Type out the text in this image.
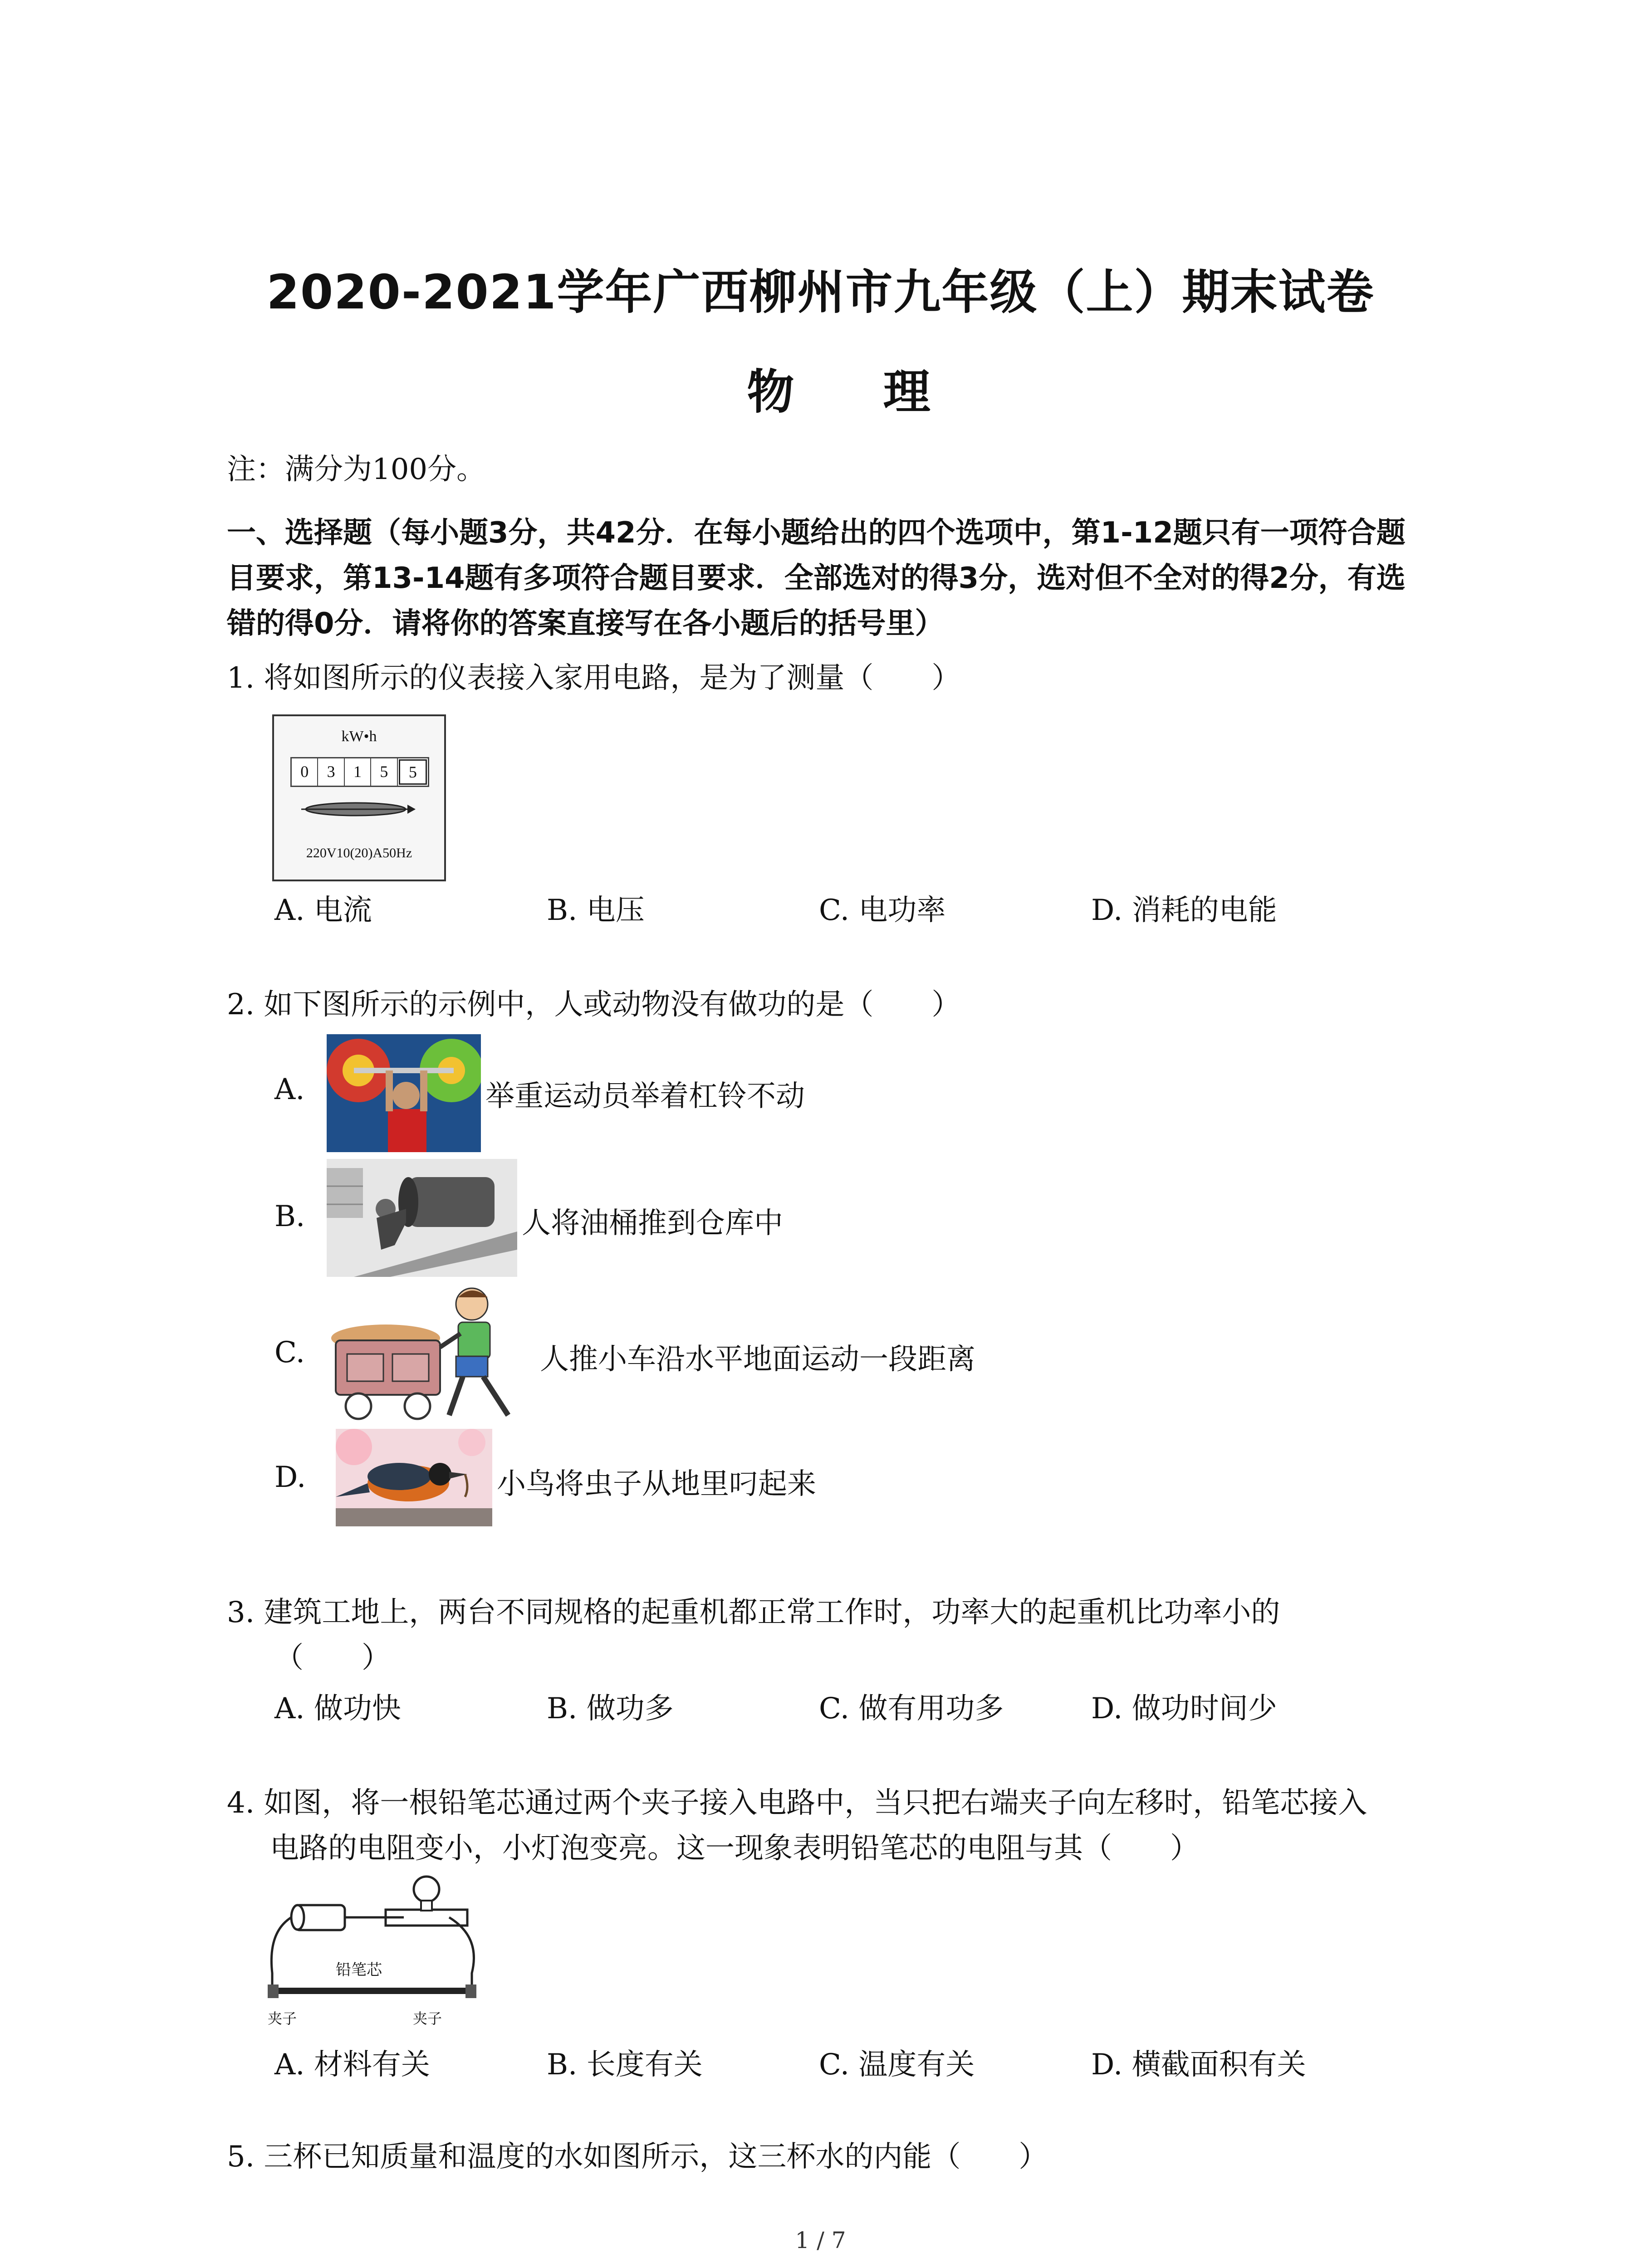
2020-2021学年广西柳州市九年级（上）期末试卷
物 理
注：满分为100分。
一、选择题（每小题3分，共42分．在每小题给出的四个选项中，第1-12题只有一项符合题
目要求，第13-14题有多项符合题目要求．全部选对的得3分，选对但不全对的得2分，有选
错的得0分．请将你的答案直接写在各小题后的括号里）
1. 将如图所示的仪表接入家用电路，是为了测量（　　）
kW•h
0	3	1	5	5
220V10(20)A50Hz
A. 电流	B. 电压	C. 电功率	D. 消耗的电能
2. 如下图所示的示例中，人或动物没有做功的是（　　）
A.	举重运动员举着杠铃不动
B.	人将油桶推到仓库中
C.	人推小车沿水平地面运动一段距离
D.	小鸟将虫子从地里叼起来
3. 建筑工地上，两台不同规格的起重机都正常工作时，功率大的起重机比功率小的
（　　）
A. 做功快	B. 做功多	C. 做有用功多	D. 做功时间少
4. 如图，将一根铅笔芯通过两个夹子接入电路中，当只把右端夹子向左移时，铅笔芯接入
电路的电阻变小，小灯泡变亮。这一现象表明铅笔芯的电阻与其（　　）
铅笔芯
夹子	夹子
A. 材料有关	B. 长度有关	C. 温度有关	D. 横截面积有关
5. 三杯已知质量和温度的水如图所示，这三杯水的内能（　　）
1 / 7
